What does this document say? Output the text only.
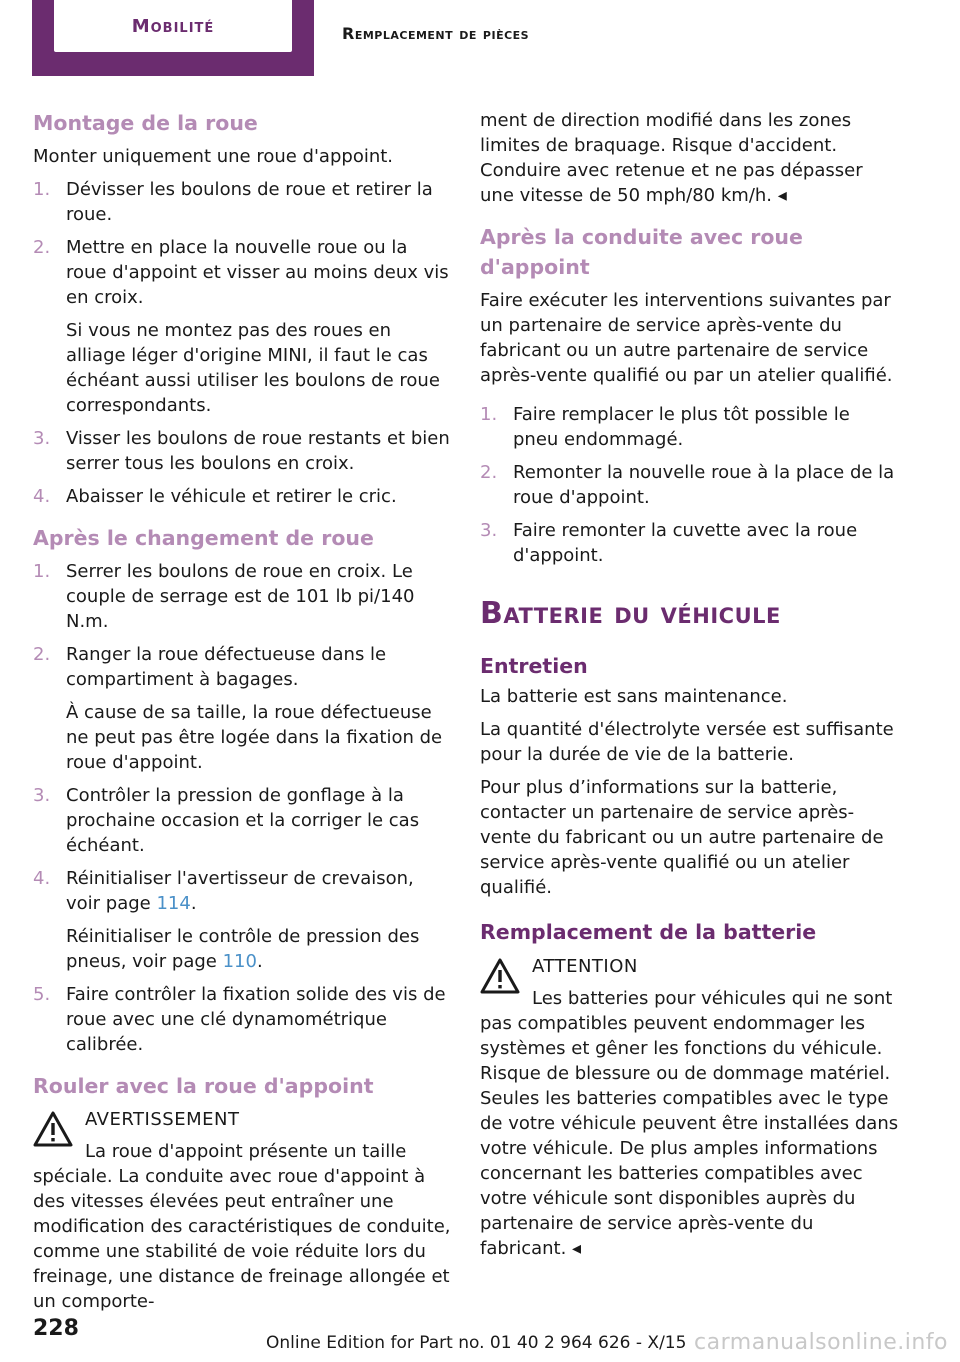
Mobilité	Remplacement de pièces
Montage de la roue

Monter uniquement une roue d'appoint.

1. Dévisser les boulons de roue et retirer la roue.
2. Mettre en place la nouvelle roue ou la roue d'appoint et visser au moins deux vis en croix.
Si vous ne montez pas des roues en alliage léger d'origine MINI, il faut le cas échéant aussi utiliser les boulons de roue correspondants.
3. Visser les boulons de roue restants et bien serrer tous les boulons en croix.
4. Abaisser le véhicule et retirer le cric.
Après le changement de roue
1. Serrer les boulons de roue en croix. Le couple de serrage est de 101 lb pi/140 N.m.
2. Ranger la roue défectueuse dans le compartiment à bagages.
À cause de sa taille, la roue défectueuse ne peut pas être logée dans la fixation de roue d'appoint.
3. Contrôler la pression de gonflage à la prochaine occasion et la corriger le cas échéant.
4. Réinitialiser l'avertisseur de crevaison, voir page 114.
Réinitialiser le contrôle de pression des pneus, voir page 110.
5. Faire contrôler la fixation solide des vis de roue avec une clé dynamométrique calibrée.
Rouler avec la roue d'appoint
AVERTISSEMENT

La roue d'appoint présente un taille spéciale. La conduite avec roue d'appoint à des vitesses élevées peut entraîner une modification des caractéristiques de conduite, comme une stabilité de voie réduite lors du freinage, une distance de freinage allongée et un comporte-

ment de direction modifié dans les zones limites de braquage. Risque d'accident. Conduire avec retenue et ne pas dépasser une vitesse de 50 mph/80 km/h. ◂

Après la conduite avec roue d'appoint

Faire exécuter les interventions suivantes par un partenaire de service après-vente du fabricant ou un autre partenaire de service après-vente qualifié ou par un atelier qualifié.

1. Faire remplacer le plus tôt possible le pneu endommagé.
2. Remonter la nouvelle roue à la place de la roue d'appoint.
3. Faire remonter la cuvette avec la roue d'appoint.
Batterie du véhicule
Entretien

La batterie est sans maintenance.

La quantité d'électrolyte versée est suffisante pour la durée de vie de la batterie.

Pour plus d’informations sur la batterie, contacter un partenaire de service après-vente du fabricant ou un autre partenaire de service après-vente qualifié ou un atelier qualifié.

Remplacement de la batterie
ATTENTION

Les batteries pour véhicules qui ne sont pas compatibles peuvent endommager les systèmes et gêner les fonctions du véhicule. Risque de blessure ou de dommage matériel. Seules les batteries compatibles avec le type de votre véhicule peuvent être installées dans votre véhicule. De plus amples informations concernant les batteries compatibles avec votre véhicule sont disponibles auprès du partenaire de service après-vente du fabricant. ◂

228
Online Edition for Part no. 01 40 2 964 626 - X/15 carmanualsonline.info
